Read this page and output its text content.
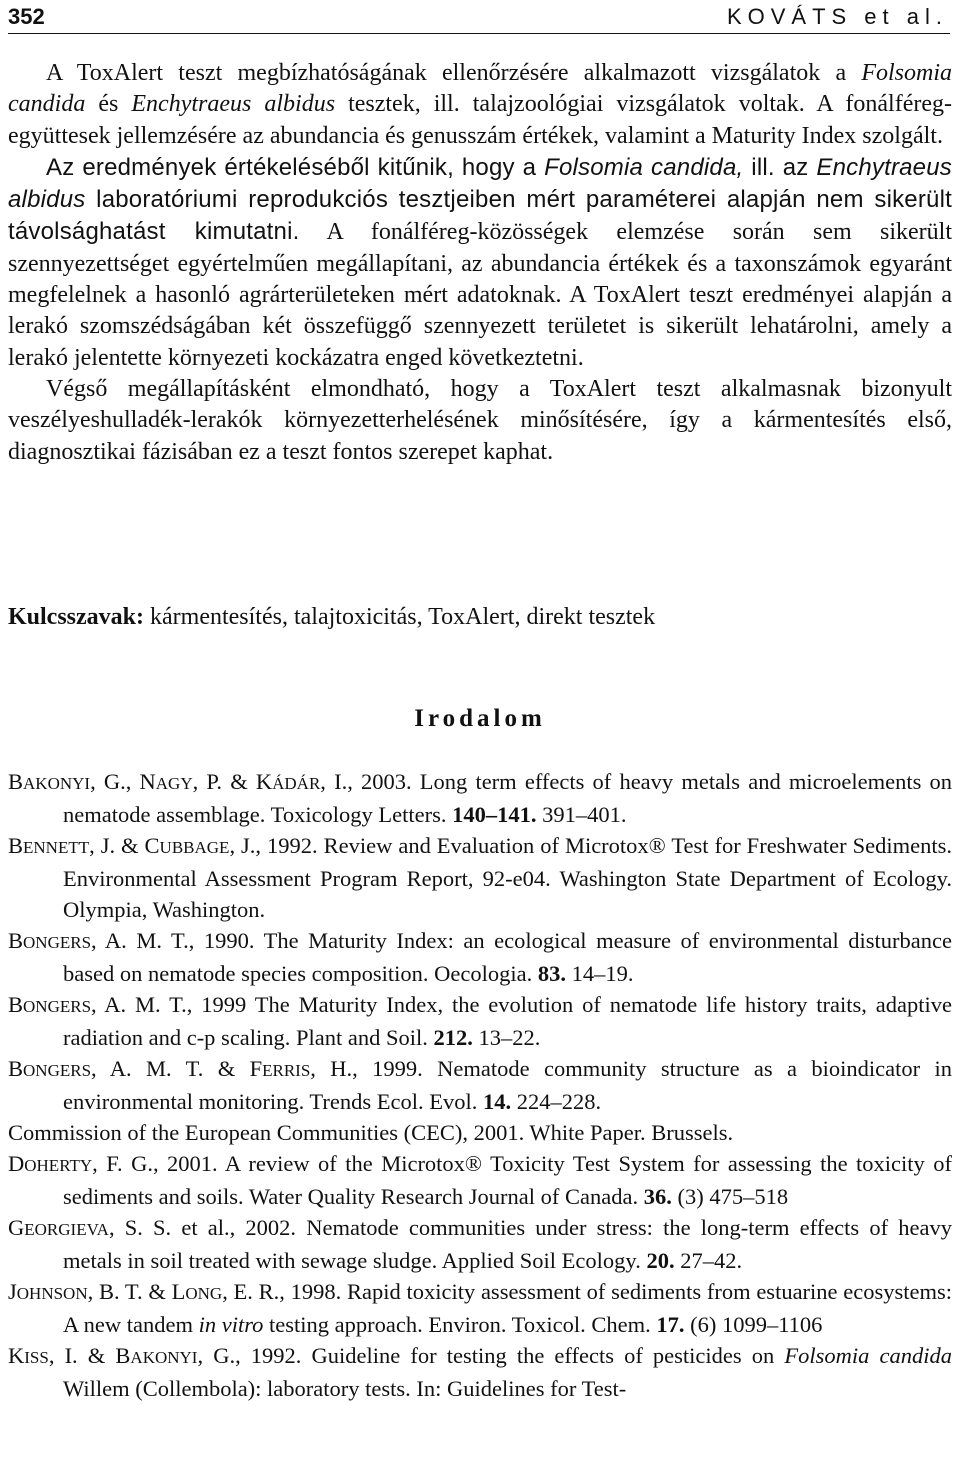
352	KOVÁTS et al.

A ToxAlert teszt megbízhatóságának ellenőrzésére alkalmazott vizsgálatok a Folsomia candida és Enchytraeus albidus tesztek, ill. talajzoológiai vizsgálatok voltak. A fonálféreg-együttesek jellemzésére az abundancia és genusszám értékek, valamint a Maturity Index szolgált.

Az eredmények értékeléséből kitűnik, hogy a Folsomia candida, ill. az Enchytraeus albidus laboratóriumi reprodukciós tesztjeiben mért paraméterei alapján nem sikerült távolsághatást kimutatni. A fonálféreg-közösségek elemzése során sem sikerült szennyezettséget egyértelműen megállapítani, az abundancia értékek és a taxonszámok egyaránt megfelelnek a hasonló agrárterületeken mért adatoknak. A ToxAlert teszt eredményei alapján a lerakó szomszédságában két összefüggő szennyezett területet is sikerült lehatárolni, amely a lerakó jelentette környezeti kockázatra enged következtetni.

Végső megállapításként elmondható, hogy a ToxAlert teszt alkalmasnak bizonyult veszélyeshulladék-lerakók környezetterhelésének minősítésére, így a kármentesítés első, diagnosztikai fázisában ez a teszt fontos szerepet kaphat.

Kulcsszavak: kármentesítés, talajtoxicitás, ToxAlert, direkt tesztek
Irodalom

BAKONYI, G., NAGY, P. & KÁDÁR, I., 2003. Long term effects of heavy metals and microelements on nematode assemblage. Toxicology Letters. 140–141. 391–401.

BENNETT, J. & CUBBAGE, J., 1992. Review and Evaluation of Microtox® Test for Freshwater Sediments. Environmental Assessment Program Report, 92-e04. Washington State Department of Ecology. Olympia, Washington.

BONGERS, A. M. T., 1990. The Maturity Index: an ecological measure of environmental disturbance based on nematode species composition. Oecologia. 83. 14–19.

BONGERS, A. M. T., 1999 The Maturity Index, the evolution of nematode life history traits, adaptive radiation and c-p scaling. Plant and Soil. 212. 13–22.

BONGERS, A. M. T. & FERRIS, H., 1999. Nematode community structure as a bioindicator in environmental monitoring. Trends Ecol. Evol. 14. 224–228.

Commission of the European Communities (CEC), 2001. White Paper. Brussels.

DOHERTY, F. G., 2001. A review of the Microtox® Toxicity Test System for assessing the toxicity of sediments and soils. Water Quality Research Journal of Canada. 36. (3) 475–518

GEORGIEVA, S. S. et al., 2002. Nematode communities under stress: the long-term effects of heavy metals in soil treated with sewage sludge. Applied Soil Ecology. 20. 27–42.

JOHNSON, B. T. & LONG, E. R., 1998. Rapid toxicity assessment of sediments from estuarine ecosystems: A new tandem in vitro testing approach. Environ. Toxicol. Chem. 17. (6) 1099–1106

KISS, I. & BAKONYI, G., 1992. Guideline for testing the effects of pesticides on Folsomia candida Willem (Collembola): laboratory tests. In: Guidelines for Test-
